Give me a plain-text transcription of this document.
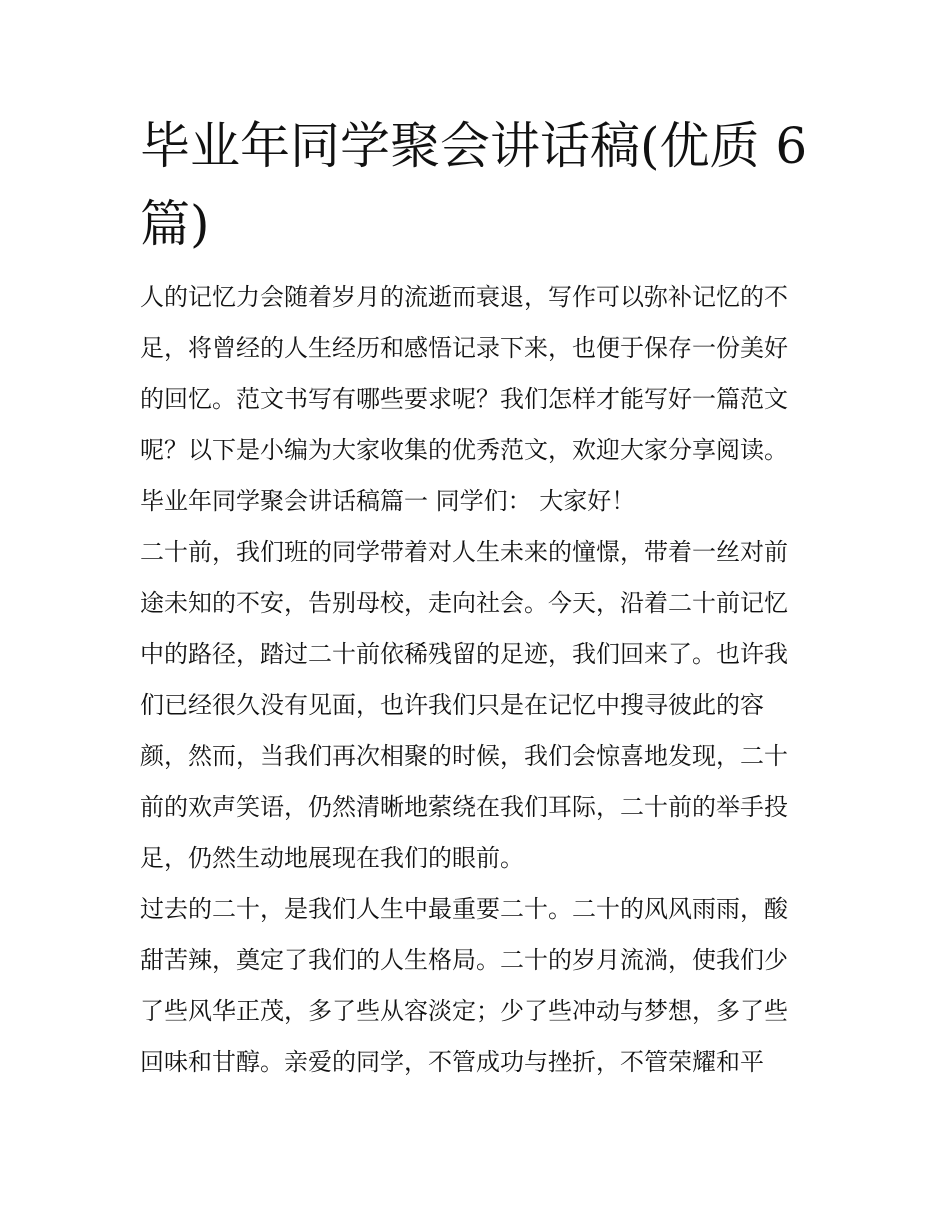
毕业年同学聚会讲话稿(优质 6
篇)

人的记忆力会随着岁月的流逝而衰退，写作可以弥补记忆的不
足，将曾经的人生经历和感悟记录下来，也便于保存一份美好
的回忆。范文书写有哪些要求呢？我们怎样才能写好一篇范文
呢？以下是小编为大家收集的优秀范文，欢迎大家分享阅读。

毕业年同学聚会讲话稿篇一 同学们： 大家好！

二十前，我们班的同学带着对人生未来的憧憬，带着一丝对前
途未知的不安，告别母校，走向社会。今天，沿着二十前记忆
中的路径，踏过二十前依稀残留的足迹，我们回来了。也许我
们已经很久没有见面，也许我们只是在记忆中搜寻彼此的容
颜，然而，当我们再次相聚的时候，我们会惊喜地发现，二十
前的欢声笑语，仍然清晰地萦绕在我们耳际，二十前的举手投
足，仍然生动地展现在我们的眼前。

过去的二十，是我们人生中最重要二十。二十的风风雨雨，酸
甜苦辣，奠定了我们的人生格局。二十的岁月流淌，使我们少
了些风华正茂，多了些从容淡定；少了些冲动与梦想，多了些
回味和甘醇。亲爱的同学，不管成功与挫折，不管荣耀和平
